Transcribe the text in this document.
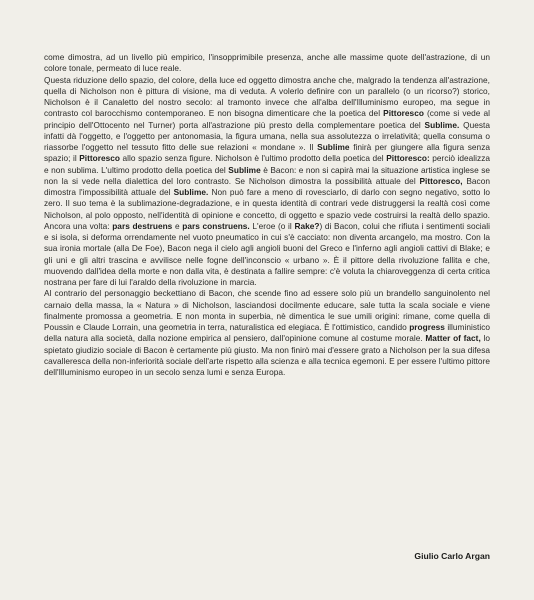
come dimostra, ad un livello più empirico, l'insopprimibile presenza, anche alle massime quote dell'astrazione, di un colore tonale, permeato di luce reale.

Questa riduzione dello spazio, del colore, della luce ed oggetto dimostra anche che, malgrado la tendenza all'astrazione, quella di Nicholson non è pittura di visione, ma di veduta. A volerlo definire con un parallelo (o un ricorso?) storico, Nicholson è il Canaletto del nostro secolo: al tramonto invece che all'alba dell'Illuminismo europeo, ma segue in contrasto col barocchismo contemporaneo. E non bisogna dimenticare che la poetica del Pittoresco (come si vede al principio dell'Ottocento nel Turner) porta all'astrazione più presto della complementare poetica del Sublime. Questa infatti dà l'oggetto, e l'oggetto per antonomasia, la figura umana, nella sua assolutezza o irrelatività; quella consuma o riassorbe l'oggetto nel tessuto fitto delle sue relazioni « mondane ». Il Sublime finirà per giungere alla figura senza spazio; il Pittoresco allo spazio senza figure. Nicholson è l'ultimo prodotto della poetica del Pittoresco: perciò idealizza e non sublima. L'ultimo prodotto della poetica del Sublime è Bacon: e non si capirà mai la situazione artistica inglese se non la si vede nella dialettica del loro contrasto. Se Nicholson dimostra la possibilità attuale del Pittoresco, Bacon dimostra l'impossibilità attuale del Sublime. Non può fare a meno di rovesciarlo, di darlo con segno negativo, sotto lo zero. Il suo tema è la sublimazione-degradazione, e in questa identità di contrari vede distruggersi la realtà così come Nicholson, al polo opposto, nell'identità di opinione e concetto, di oggetto e spazio vede costruirsi la realtà dello spazio. Ancora una volta: pars destruens e pars construens. L'eroe (o il Rake?) di Bacon, colui che rifiuta i sentimenti sociali e si isola, si deforma orrendamente nel vuoto pneumatico in cui s'è cacciato: non diventa arcangelo, ma mostro. Con la sua ironia mortale (alla De Foe), Bacon nega il cielo agli angioli buoni del Greco e l'inferno agli angioli cattivi di Blake; e gli uni e gli altri trascina e avvilisce nelle fogne dell'inconscio « urbano ». È il pittore della rivoluzione fallita e che, muovendo dall'idea della morte e non dalla vita, è destinata a fallire sempre: c'è voluta la chiaroveggenza di certa critica nostrana per fare di lui l'araldo della rivoluzione in marcia.

Al contrario del personaggio beckettiano di Bacon, che scende fino ad essere solo più un brandello sanguinolento nel carnaio della massa, la « Natura » di Nicholson, lasciandosi docilmente educare, sale tutta la scala sociale e viene finalmente promossa a geometria. E non monta in superbia, nè dimentica le sue umili origini: rimane, come quella di Poussin e Claude Lorrain, una geometria in terra, naturalistica ed elegiaca. È l'ottimistico, candido progress illuministico della natura alla società, dalla nozione empirica al pensiero, dall'opinione comune al costume morale. Matter of fact, lo spietato giudizio sociale di Bacon è certamente più giusto. Ma non finirò mai d'essere grato a Nicholson per la sua difesa cavalleresca della non-inferiorità sociale dell'arte rispetto alla scienza e alla tecnica egemoni. E per essere l'ultimo pittore dell'Illuminismo europeo in un secolo senza lumi e senza Europa.

Giulio Carlo Argan
